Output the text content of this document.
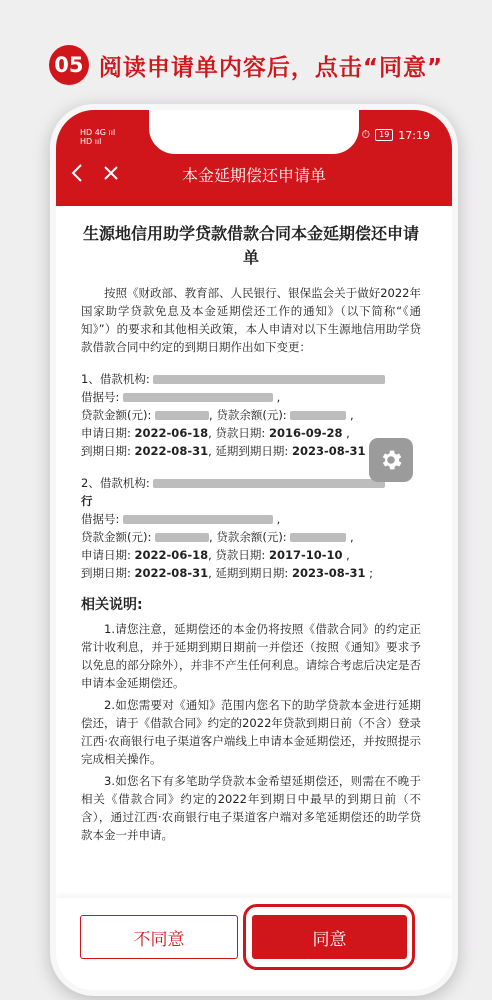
05 阅读申请单内容后，点击“同意”
HD 4G ııl
HD ııl
⏱	19 17:19
本金延期偿还申请单
生源地信用助学贷款借款合同本金延期偿还申请单

按照《财政部、教育部、人民银行、银保监会关于做好2022年国家助学贷款免息及本金延期偿还工作的通知》（以下简称“《通知》”）的要求和其他相关政策，本人申请对以下生源地信用助学贷款借款合同中约定的到期日期作出如下变更：

1、借款机构:
借据号:	,
贷款金额(元):	, 贷款余额(元):	,
申请日期: 2022-06-18, 贷款日期: 2016-09-28 ,
到期日期: 2022-08-31, 延期到期日期: 2023-08-31
2、借款机构:
行
借据号:	,
贷款金额(元):	, 贷款余额(元):	,
申请日期: 2022-06-18, 贷款日期: 2017-10-10 ,
到期日期: 2022-08-31, 延期到期日期: 2023-08-31 ;
相关说明:

1.请您注意，延期偿还的本金仍将按照《借款合同》的约定正常计收利息，并于延期到期日期前一并偿还（按照《通知》要求予以免息的部分除外），并非不产生任何利息。请综合考虑后决定是否申请本金延期偿还。

2.如您需要对《通知》范围内您名下的助学贷款本金进行延期偿还，请于《借款合同》约定的2022年贷款到期日前（不含）登录江西·农商银行电子渠道客户端线上申请本金延期偿还，并按照提示完成相关操作。

3.如您名下有多笔助学贷款本金希望延期偿还，则需在不晚于相关《借款合同》约定的2022年到期日中最早的到期日前（不含），通过江西·农商银行电子渠道客户端对多笔延期偿还的助学贷款本金一并申请。

不同意	同意
